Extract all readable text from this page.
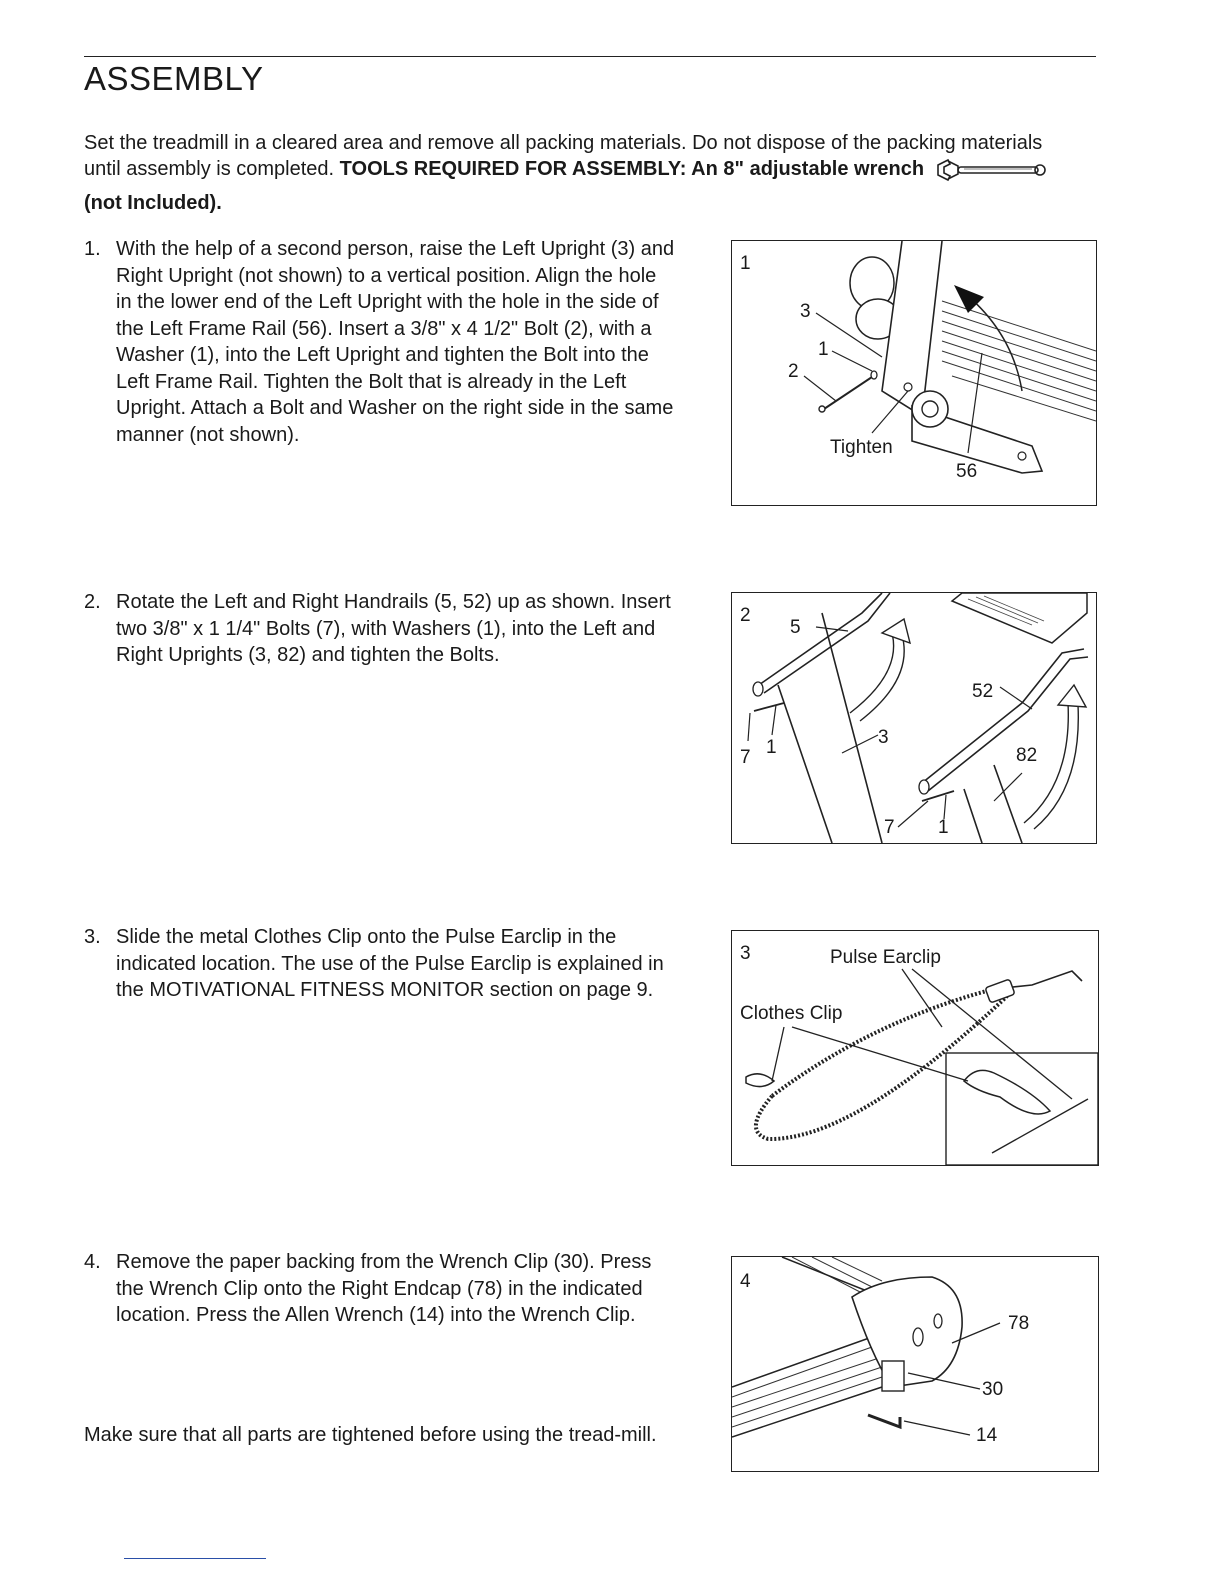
ASSEMBLY

Set the treadmill in a cleared area and remove all packing materials. Do not dispose of the packing materials until assembly is completed. TOOLS REQUIRED FOR ASSEMBLY: An 8" adjustable wrench  (not Included).

1. With the help of a second person, raise the Left Upright (3) and Right Upright (not shown) to a vertical position. Align the hole in the lower end of the Left Upright with the hole in the side of the Left Frame Rail (56). Insert a 3/8" x 4 1/2" Bolt (2), with a Washer (1), into the Left Upright and tighten the Bolt into the Left Frame Rail. Tighten the Bolt that is already in the Left Upright. Attach a Bolt and Washer on the right side in the same manner (not shown).
1
3
1
2
Tighten
56
2. Rotate the Left and Right Handrails (5, 52) up as shown. Insert two 3/8" x 1 1/4" Bolts (7), with Washers (1), into the Left and Right Uprights (3, 82) and tighten the Bolts.
2
5
52
3
82
7 1
7 1
3. Slide the metal Clothes Clip onto the Pulse Earclip in the indicated location. The use of the Pulse Earclip is explained in the MOTIVATIONAL FITNESS MONITOR section on page 9.
3	Pulse Earclip
Clothes Clip
4. Remove the paper backing from the Wrench Clip (30). Press the Wrench Clip onto the Right Endcap (78) in the indicated location. Press the Allen Wrench (14) into the Wrench Clip.
4
78
30
14

Make sure that all parts are tightened before using the tread-mill.
